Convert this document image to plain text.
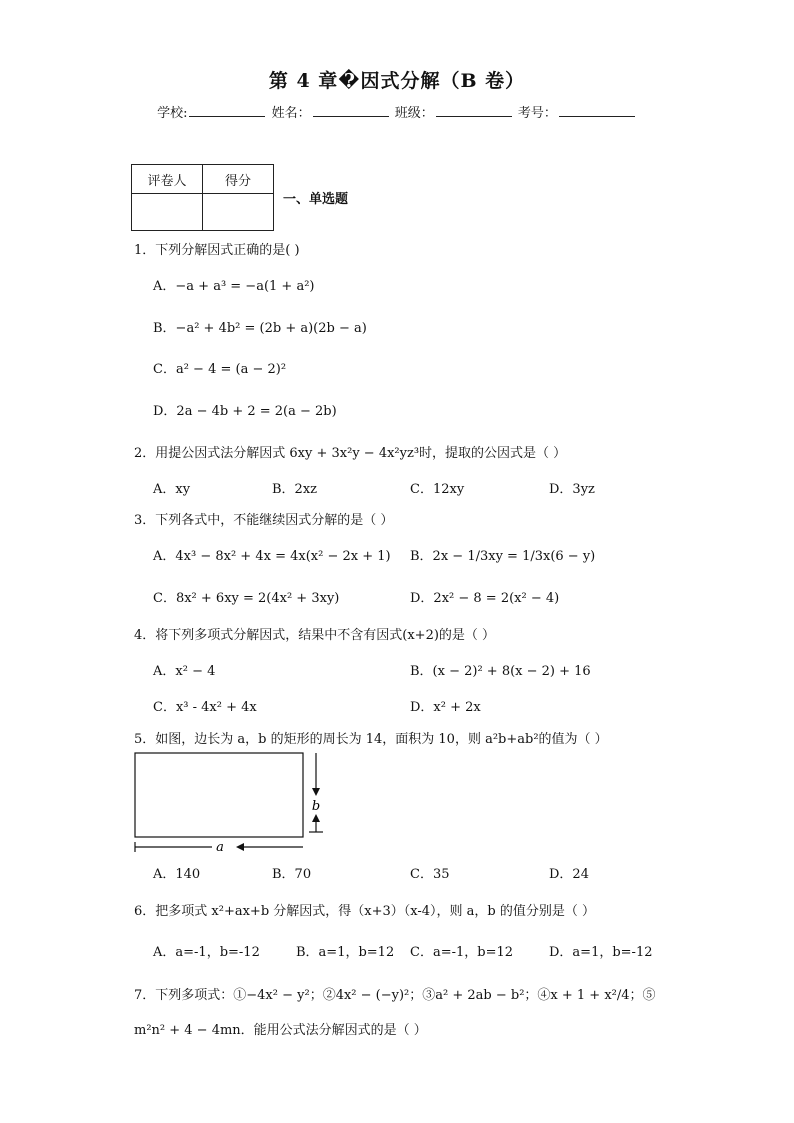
第 4 章�因式分解（B 卷）
学校:	姓名：	班级：	考号：
评卷人	得分

一、单选题
1．下列分解因式正确的是( )
A．−a + a³ = −a(1 + a²)
B．−a² + 4b² = (2b + a)(2b − a)
C．a² − 4 = (a − 2)²
D．2a − 4b + 2 = 2(a − 2b)
2．用提公因式法分解因式 6xy + 3x²y − 4x²yz³时，提取的公因式是（ ）
A．xy	B．2xz	C．12xy	D．3yz
3．下列各式中，不能继续因式分解的是（ ）
A．4x³ − 8x² + 4x = 4x(x² − 2x + 1) B．2x − 1/3xy = 1/3x(6 − y)
C．8x² + 6xy = 2(4x² + 3xy)	D．2x² − 8 = 2(x² − 4)
4．将下列多项式分解因式，结果中不含有因式(x+2)的是（ ）
A．x² − 4	B．(x − 2)² + 8(x − 2) + 16
C．x³ - 4x² + 4x	D．x² + 2x
5．如图，边长为 a，b 的矩形的周长为 14，面积为 10，则 a²b+ab²的值为（ ）
b
a
A．140	B．70	C．35	D．24
6．把多项式 x²+ax+b 分解因式，得（x+3）（x-4），则 a，b 的值分别是（ ）
A．a=-1，b=-12	B．a=1，b=12 C．a=-1，b=12	D．a=1，b=-12
7．下列多项式：①−4x² − y²；②4x² − (−y)²；③a² + 2ab − b²；④x + 1 + x²/4；⑤
m²n² + 4 − 4mn．能用公式法分解因式的是（ ）
